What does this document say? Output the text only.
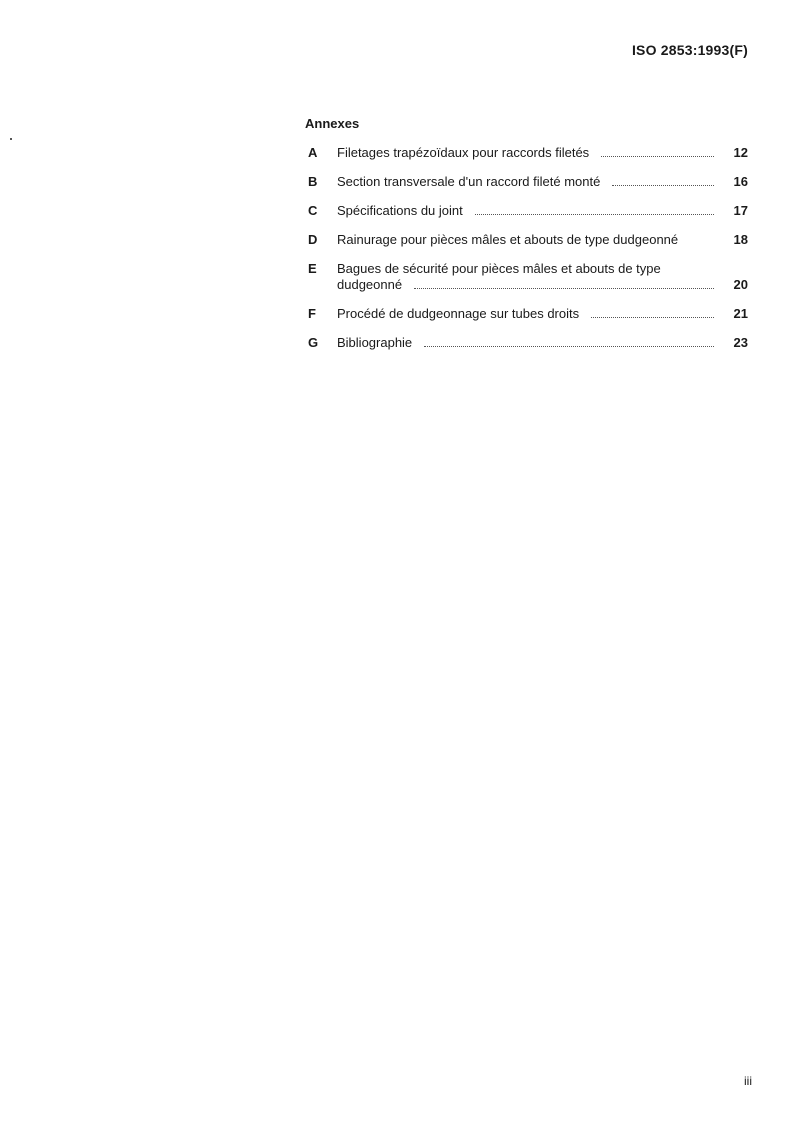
ISO 2853:1993(F)
Annexes
A	Filetages trapézoïdaux pour raccords filetés	12
B	Section transversale d'un raccord fileté monté	16
C	Spécifications du joint	17
D	Rainurage pour pièces mâles et abouts de type dudgeonné	18
E	Bagues de sécurité pour pièces mâles et abouts de type
dudgeonné	20
F	Procédé de dudgeonnage sur tubes droits	21
G	Bibliographie	23
iii
